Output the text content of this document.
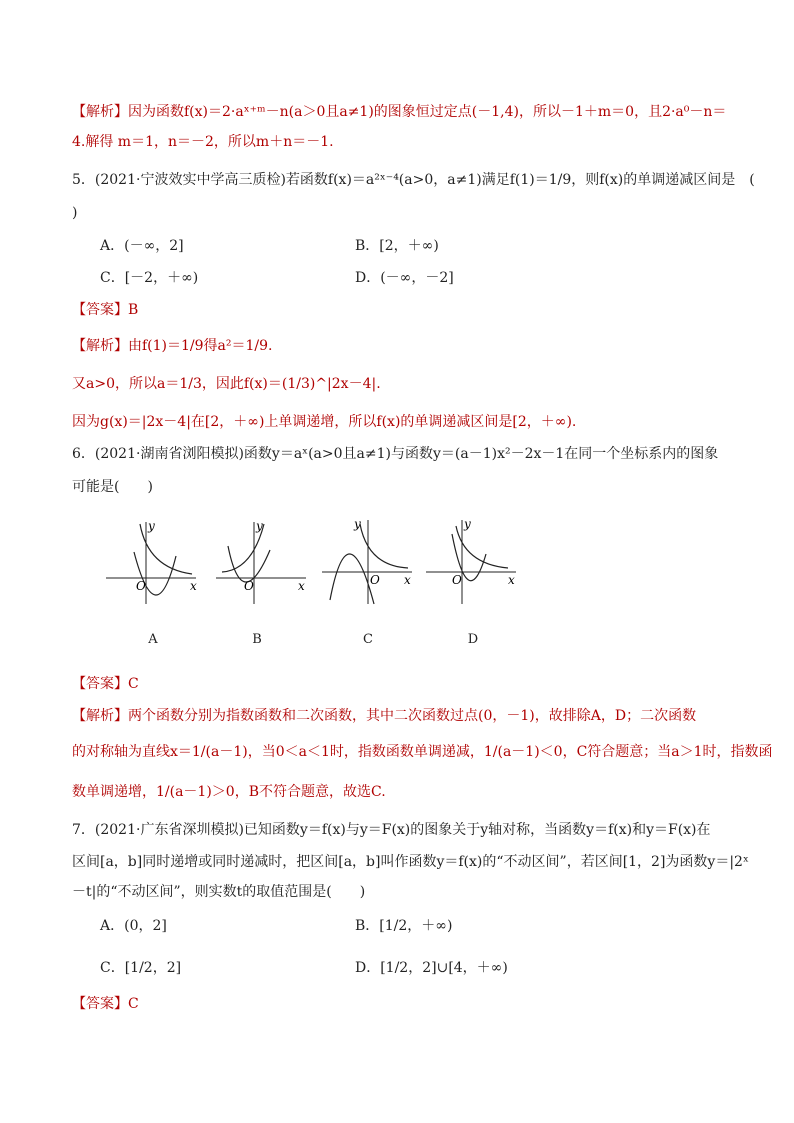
【解析】因为函数f(x)＝2·aˣ⁺ᵐ－n(a＞0且a≠1)的图象恒过定点(－1,4)，所以－1＋m＝0，且2·a⁰－n＝
4.解得 m＝1，n＝－2，所以m＋n＝－1.
5．(2021·宁波效实中学高三质检)若函数f(x)＝a²ˣ⁻⁴(a>0，a≠1)满足f(1)＝1/9，则f(x)的单调递减区间是　(
)
A．(－∞，2]	B．[2，＋∞)
C．[－2，＋∞)	D．(－∞，－2]
【答案】B
【解析】由f(1)＝1/9得a²＝1/9.
又a>0，所以a＝1/3，因此f(x)＝(1/3)^|2x－4|.
因为g(x)＝|2x－4|在[2，＋∞)上单调递增，所以f(x)的单调递减区间是[2，＋∞).
6．(2021·湖南省浏阳模拟)函数y＝aˣ(a>0且a≠1)与函数y＝(a－1)x²－2x－1在同一个坐标系内的图象
可能是(　　)
y
x
O
y
x
O
y
x
O
y
x
O
A	B	C	D
【答案】C
【解析】两个函数分别为指数函数和二次函数，其中二次函数过点(0，－1)，故排除A，D；二次函数
的对称轴为直线x＝1/(a－1)，当0＜a＜1时，指数函数单调递减，1/(a－1)＜0，C符合题意；当a＞1时，指数函
数单调递增，1/(a－1)＞0，B不符合题意，故选C.
7．(2021·广东省深圳模拟)已知函数y＝f(x)与y＝F(x)的图象关于y轴对称，当函数y＝f(x)和y＝F(x)在
区间[a，b]同时递增或同时递减时，把区间[a，b]叫作函数y＝f(x)的“不动区间”，若区间[1，2]为函数y＝|2ˣ
－t|的“不动区间”，则实数t的取值范围是(　　)
A．(0，2]	B．[1/2，＋∞)
C．[1/2，2]	D．[1/2，2]∪[4，＋∞)
【答案】C
